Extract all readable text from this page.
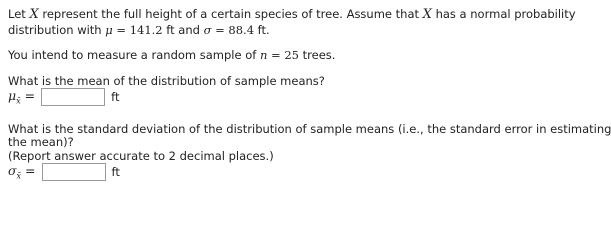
Let X represent the full height of a certain species of tree. Assume that X has a normal probability
distribution with μ = 141.2 ft and σ = 88.4 ft.
You intend to measure a random sample of n = 25 trees.
What is the mean of the distribution of sample means?
$\mu_{x̄}$ =	ft
What is the standard deviation of the distribution of sample means (i.e., the standard error in estimating
the mean)?
(Report answer accurate to 2 decimal places.)
$\sigma_{x̄}$ =	ft
